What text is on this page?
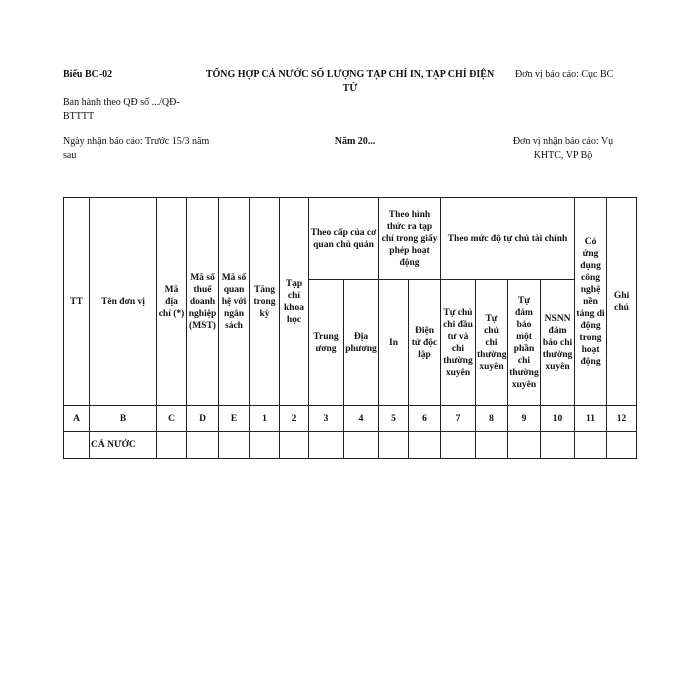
Biểu BC-02	TỔNG HỢP CẢ NƯỚC SỐ LƯỢNG TẠP CHÍ IN, TẠP CHÍ ĐIỆN TỬ
Đơn vị báo cáo: Cục BC
Ban hành theo QĐ số .../QĐ-BTTTT
Ngày nhận báo cáo: Trước 15/3 năm sau
Năm 20...	Đơn vị nhận báo cáo: Vụ KHTC, VP Bộ
TT	Tên đơn vị	Mã địa chỉ (*)	Mã số thuế doanh nghiệp (MST)	Mã số quan hệ với ngân sách	Tăng trong kỳ	Tạp chí khoa học	Theo cấp của cơ quan chủ quản		Theo hình thức ra tạp chí trong giấy phép hoạt động		Theo mức độ tự chủ tài chính				Có ứng dụng công nghệ nền tảng di động trong hoạt động	Ghi chú
							Trung ương	Địa phương	In	Điện tử độc lập	Tự chủ chi đầu tư và chi thường xuyên	Tự chủ chi thường xuyên	Tự đảm bảo một phần chi thường xuyên	NSNN đảm bảo chi thường xuyên		
A	B	C	D	E	1	2	3	4	5	6	7	8	9	10	11	12
	CẢ NƯỚC															
